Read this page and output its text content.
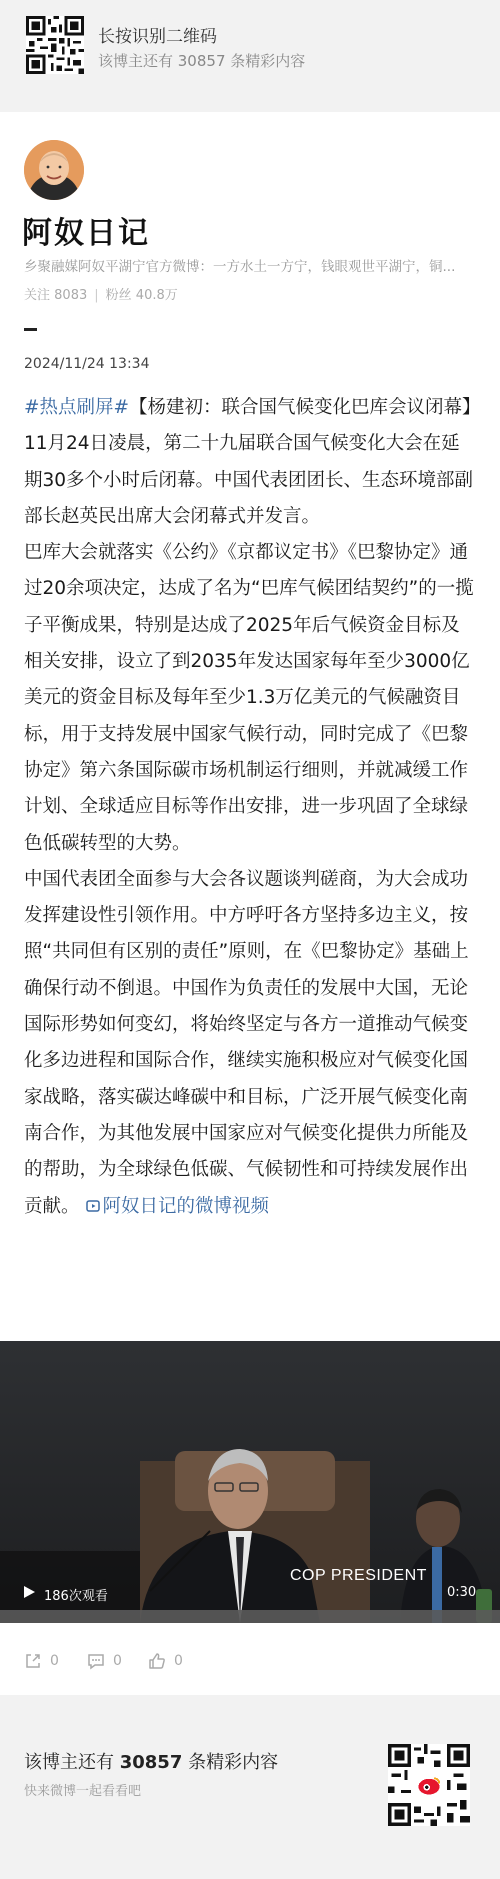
长按识别二维码
该博主还有 30857 条精彩内容
阿奴日记
乡聚融媒阿奴平湖宁官方微博：一方水土一方宁，钱眼观世平湖宁，铜...
关注 8083 | 粉丝 40.8万
2024/11/24 13:34

#热点刷屏#【杨建初：联合国气候变化巴库会议闭幕】11月24日凌晨，第二十九届联合国气候变化大会在延期30多个小时后闭幕。中国代表团团长、生态环境部副部长赵英民出席大会闭幕式并发言。

巴库大会就落实《公约》《京都议定书》《巴黎协定》通过20余项决定，达成了名为“巴库气候团结契约”的一揽子平衡成果，特别是达成了2025年后气候资金目标及相关安排，设立了到2035年发达国家每年至少3000亿美元的资金目标及每年至少1.3万亿美元的气候融资目标，用于支持发展中国家气候行动，同时完成了《巴黎协定》第六条国际碳市场机制运行细则，并就减缓工作计划、全球适应目标等作出安排，进一步巩固了全球绿色低碳转型的大势。

中国代表团全面参与大会各议题谈判磋商，为大会成功发挥建设性引领作用。中方呼吁各方坚持多边主义，按照“共同但有区别的责任”原则，在《巴黎协定》基础上确保行动不倒退。中国作为负责任的发展中大国，无论国际形势如何变幻，将始终坚定与各方一道推动气候变化多边进程和国际合作，继续实施积极应对气候变化国家战略，落实碳达峰碳中和目标，广泛开展气候变化南南合作，为其他发展中国家应对气候变化提供力所能及的帮助，为全球绿色低碳、气候韧性和可持续发展作出贡献。 阿奴日记的微博视频

COP PRESIDENT
186次观看	0:30
0	0	0
该博主还有 30857 条精彩内容
快来微博一起看看吧
